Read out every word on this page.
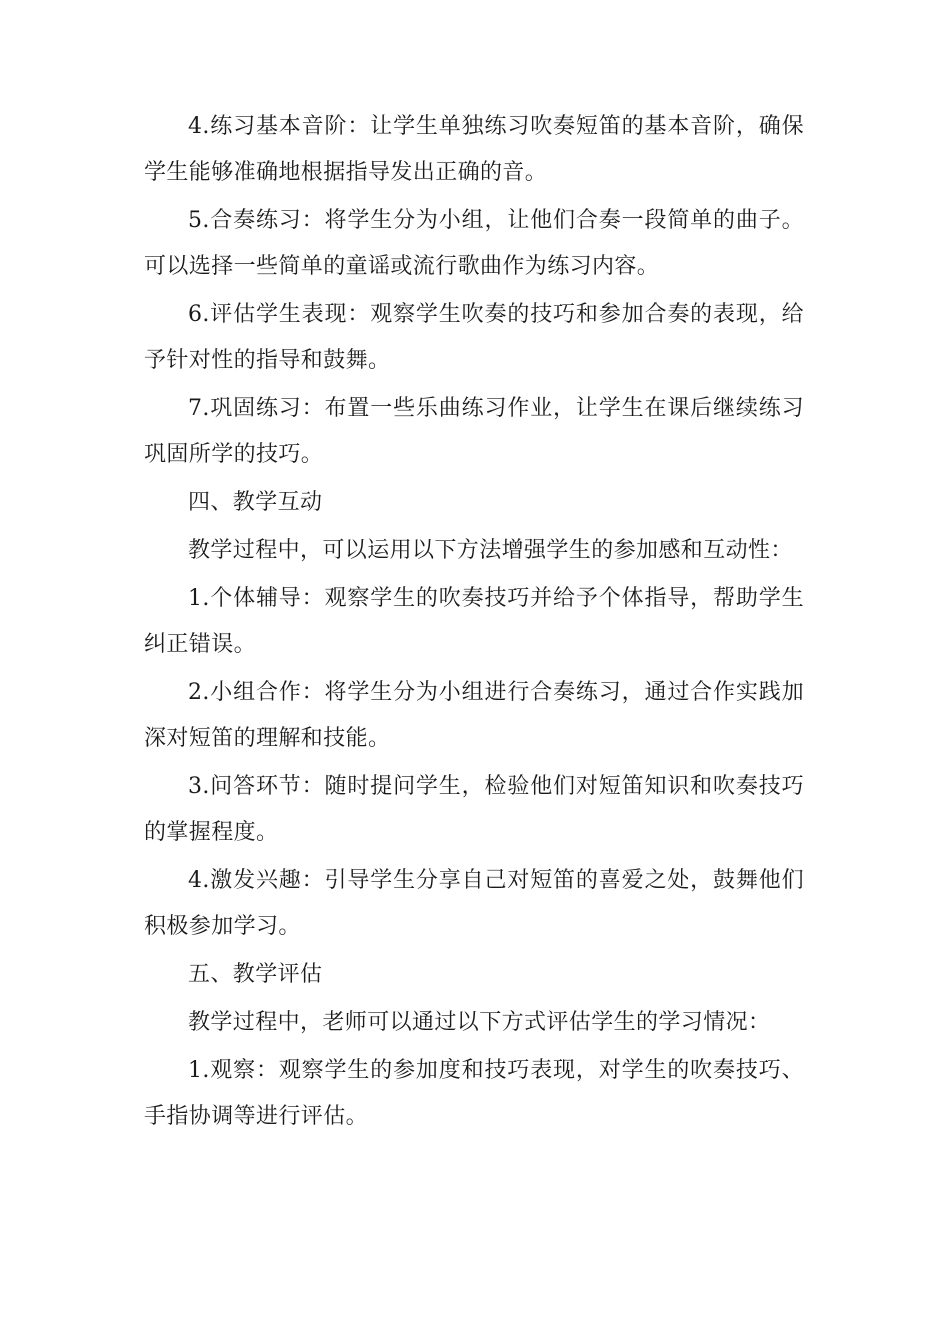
4.练习基本音阶：让学生单独练习吹奏短笛的基本音阶，确保学生能够准确地根据指导发出正确的音。

5.合奏练习：将学生分为小组，让他们合奏一段简单的曲子。可以选择一些简单的童谣或流行歌曲作为练习内容。

6.评估学生表现：观察学生吹奏的技巧和参加合奏的表现，给予针对性的指导和鼓舞。

7.巩固练习：布置一些乐曲练习作业，让学生在课后继续练习巩固所学的技巧。

四、教学互动

教学过程中，可以运用以下方法增强学生的参加感和互动性：

1.个体辅导：观察学生的吹奏技巧并给予个体指导，帮助学生纠正错误。

2.小组合作：将学生分为小组进行合奏练习，通过合作实践加深对短笛的理解和技能。

3.问答环节：随时提问学生，检验他们对短笛知识和吹奏技巧的掌握程度。

4.激发兴趣：引导学生分享自己对短笛的喜爱之处，鼓舞他们积极参加学习。

五、教学评估

教学过程中，老师可以通过以下方式评估学生的学习情况：

1.观察：观察学生的参加度和技巧表现，对学生的吹奏技巧、手指协调等进行评估。
